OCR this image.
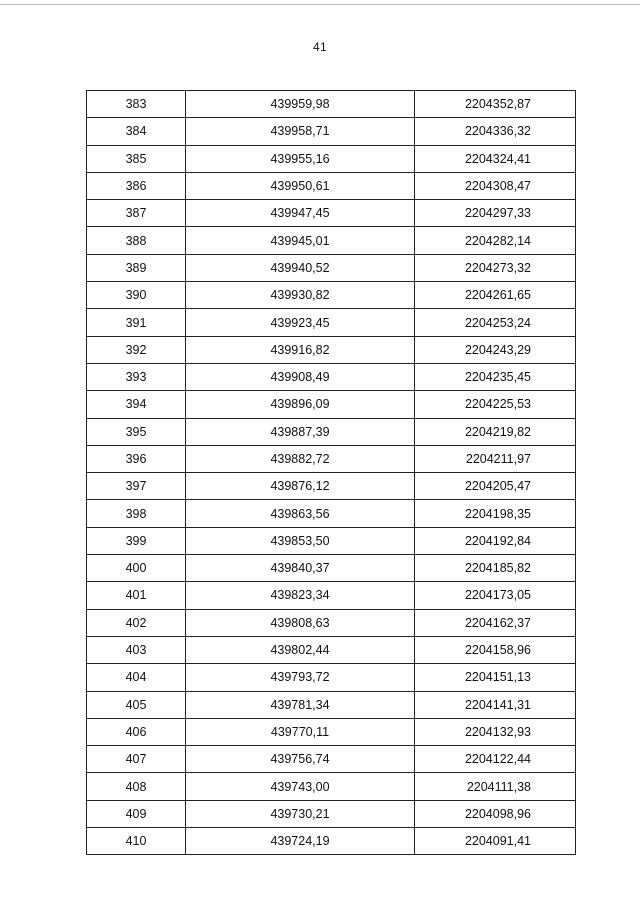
41
383	439959,98	2204352,87
384	439958,71	2204336,32
385	439955,16	2204324,41
386	439950,61	2204308,47
387	439947,45	2204297,33
388	439945,01	2204282,14
389	439940,52	2204273,32
390	439930,82	2204261,65
391	439923,45	2204253,24
392	439916,82	2204243,29
393	439908,49	2204235,45
394	439896,09	2204225,53
395	439887,39	2204219,82
396	439882,72	2204211,97
397	439876,12	2204205,47
398	439863,56	2204198,35
399	439853,50	2204192,84
400	439840,37	2204185,82
401	439823,34	2204173,05
402	439808,63	2204162,37
403	439802,44	2204158,96
404	439793,72	2204151,13
405	439781,34	2204141,31
406	439770,11	2204132,93
407	439756,74	2204122,44
408	439743,00	2204111,38
409	439730,21	2204098,96
410	439724,19	2204091,41
